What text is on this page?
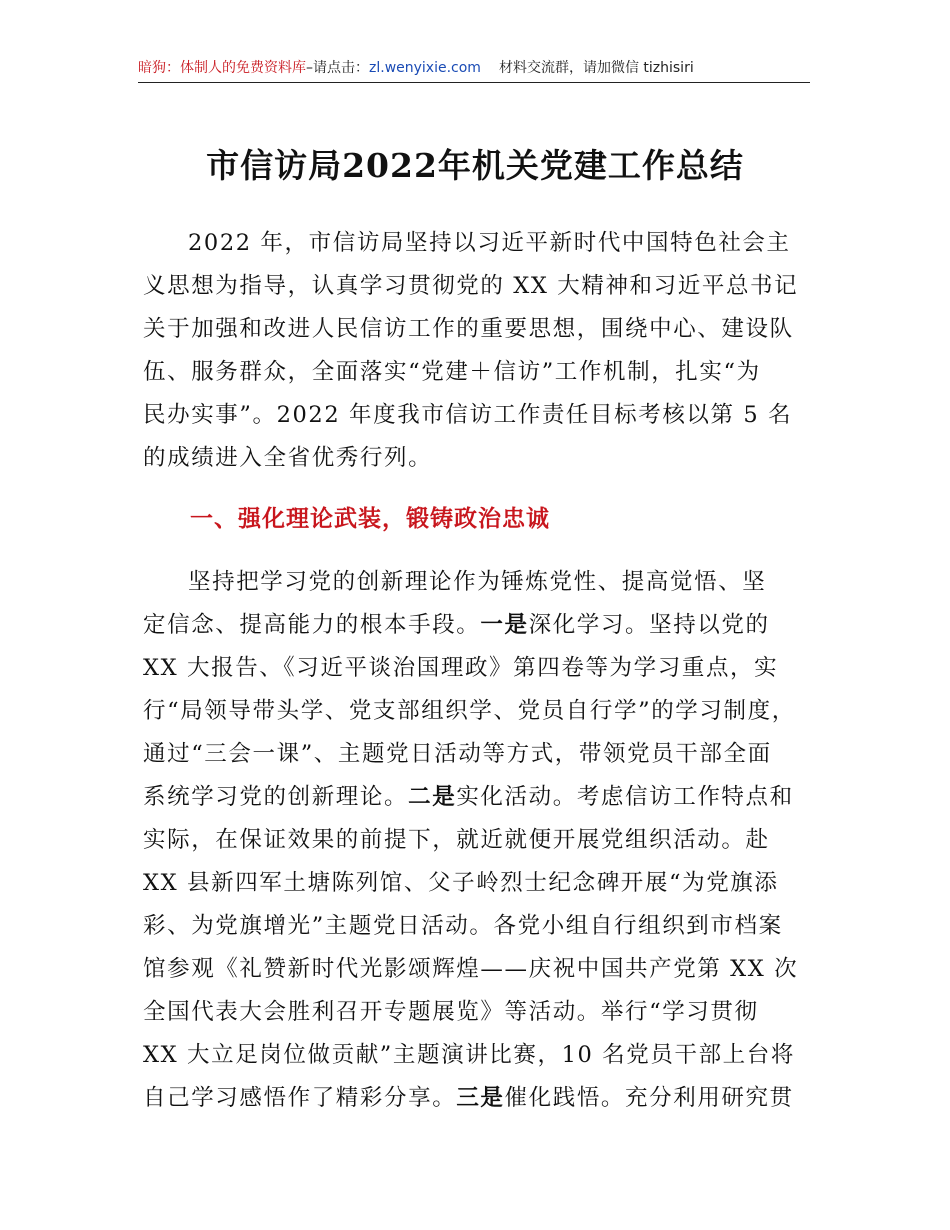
暗狗：体制人的免费资料库–请点击：zl.wenyixie.com 材料交流群，请加微信 tizhisiri
市信访局2022年机关党建工作总结
2022 年，市信访局坚持以习近平新时代中国特色社会主
义思想为指导，认真学习贯彻党的 XX 大精神和习近平总书记
关于加强和改进人民信访工作的重要思想，围绕中心、建设队
伍、服务群众，全面落实“党建＋信访”工作机制，扎实“为
民办实事”。2022 年度我市信访工作责任目标考核以第 5 名
的成绩进入全省优秀行列。
一、强化理论武装，锻铸政治忠诚
坚持把学习党的创新理论作为锤炼党性、提高觉悟、坚
定信念、提高能力的根本手段。一是深化学习。坚持以党的
XX 大报告、《习近平谈治国理政》第四卷等为学习重点，实
行“局领导带头学、党支部组织学、党员自行学”的学习制度，
通过“三会一课”、主题党日活动等方式，带领党员干部全面
系统学习党的创新理论。二是实化活动。考虑信访工作特点和
实际，在保证效果的前提下，就近就便开展党组织活动。赴
XX 县新四军土塘陈列馆、父子岭烈士纪念碑开展“为党旗添
彩、为党旗增光”主题党日活动。各党小组自行组织到市档案
馆参观《礼赞新时代光影颂辉煌——庆祝中国共产党第 XX 次
全国代表大会胜利召开专题展览》等活动。举行“学习贯彻
XX 大立足岗位做贡献”主题演讲比赛，10 名党员干部上台将
自己学习感悟作了精彩分享。三是催化践悟。充分利用研究贯
